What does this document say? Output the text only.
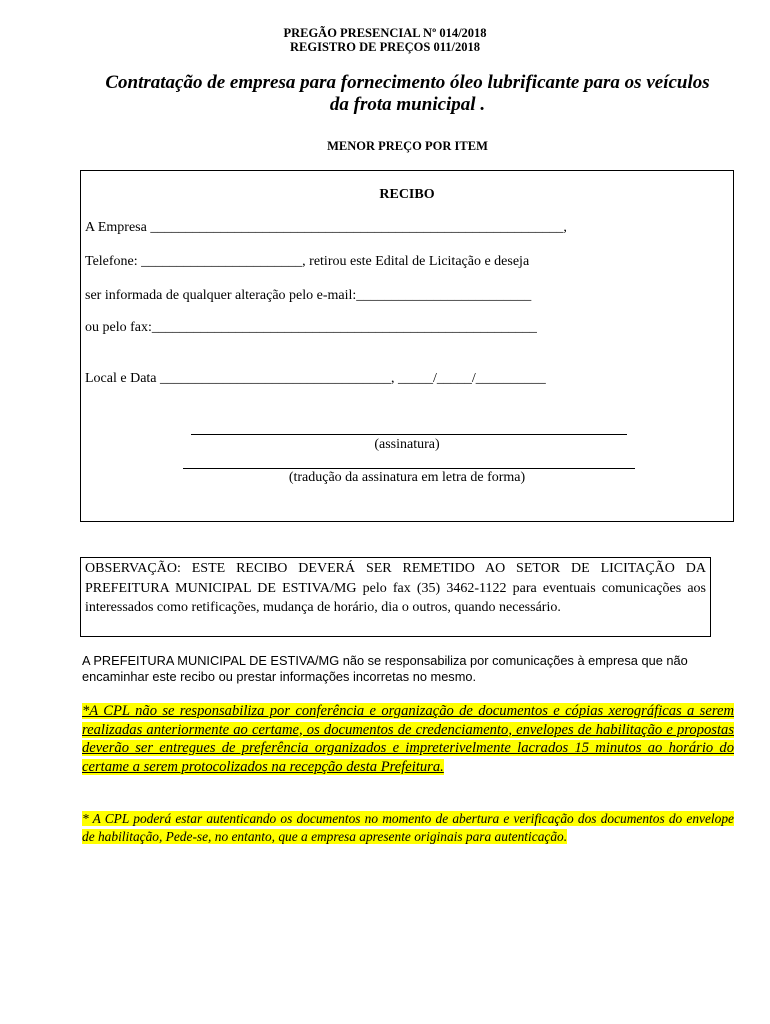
PREGÃO PRESENCIAL Nº 014/2018
REGISTRO DE PREÇOS 011/2018
Contratação de empresa para fornecimento óleo lubrificante para os veículos da frota municipal .
MENOR PREÇO POR ITEM
RECIBO
A Empresa ___________________________________________________________,
Telefone: _______________________, retirou este Edital de Licitação e deseja
ser informada de qualquer alteração pelo e-mail:_________________________
ou pelo fax:_______________________________________________________
Local e Data _________________________________, _____/_____/__________
(assinatura)
(tradução da assinatura em letra de forma)
OBSERVAÇÃO: ESTE RECIBO DEVERÁ SER REMETIDO AO SETOR DE LICITAÇÃO DA PREFEITURA MUNICIPAL DE ESTIVA/MG pelo fax (35) 3462-1122 para eventuais comunicações aos interessados como retificações, mudança de horário, dia o outros, quando necessário.
A PREFEITURA MUNICIPAL DE ESTIVA/MG não se responsabiliza por comunicações à empresa que não encaminhar este recibo ou prestar informações incorretas no mesmo.
*A CPL não se responsabiliza por conferência e organização de documentos e cópias xerográficas a serem realizadas anteriormente ao certame, os documentos de credenciamento, envelopes de habilitação e propostas deverão ser entregues de preferência organizados e impreterivelmente lacrados 15 minutos ao horário do certame a serem protocolizados na recepção desta Prefeitura.
* A CPL poderá estar autenticando os documentos no momento de abertura e verificação dos documentos do envelope de habilitação, Pede-se, no entanto, que a empresa apresente originais para autenticação.
